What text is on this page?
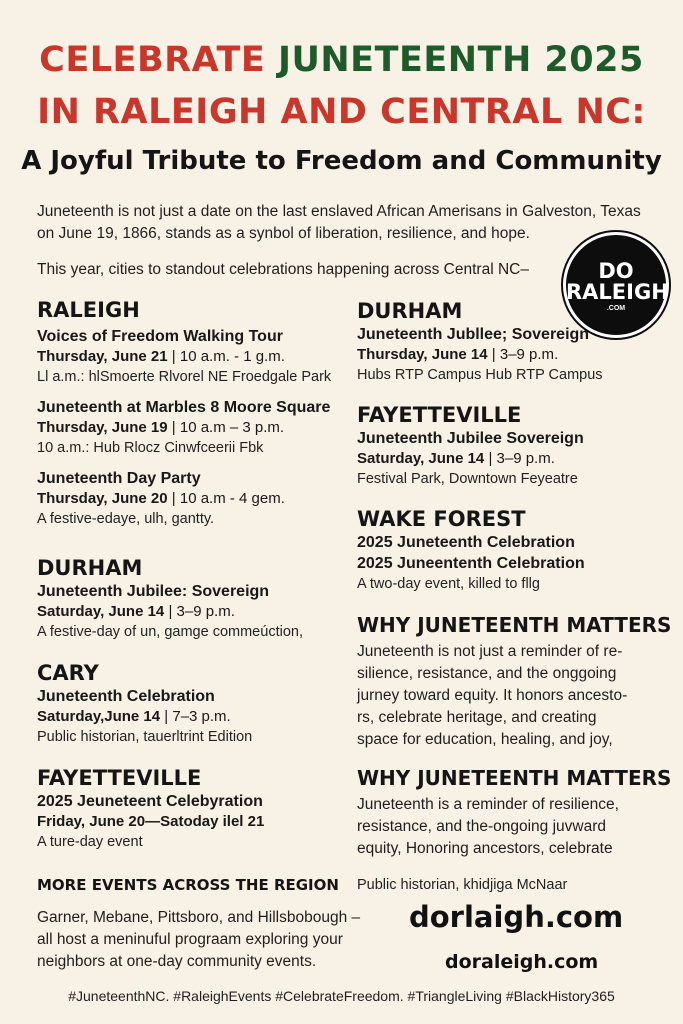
CELEBRATE JUNETEENTH 2025
IN RALEIGH AND CENTRAL NC:
A Joyful Tribute to Freedom and Community
Juneteenth is not just a date on the last enslaved African Amerisans in Galveston, Texas
on June 19, 1866, stands as a synbol of liberation, resilience, and hope.
This year, cities to standout celebrations happening across Central NC–	DO
RALEIGH
.COM
RALEIGH
Voices of Freedom Walking Tour
Thursday, June 21 | 10 a.m. - 1 g.m.
Ll a.m.: hlSmoerte Rlvorel NE Froedgale Park
Juneteenth at Marbles 8 Moore Square
Thursday, June 19 | 10 a.m – 3 p.m.
10 a.m.: Hub Rlocz Cinwfceerii Fbk
Juneteenth Day Party
Thursday, June 20 | 10 a.m - 4 gem.
A festive-edaye, ulh, gantty.
DURHAM
Juneteenth Jubilee: Sovereign
Saturday, June 14 | 3–9 p.m.
A festive-day of un, gamge commeúction,
CARY
Juneteenth Celebration
Saturday,June 14 | 7–3 p.m.
Public historian, tauerltrint Edition
FAYETTEVILLE
2025 Jeuneteent Celebyration
Friday, June 20—Satoday ilel 21
A ture-day event
MORE EVENTS ACROSS THE REGION
Garner, Mebane, Pittsboro, and Hillsbobough –
all host a meninuful prograam exploring your
neighbors at one-day community events.
DURHAM
Juneteenth Jubllee; Sovereign
Thursday, June 14 | 3–9 p.m.
Hubs RTP Campus Hub RTP Campus
FAYETTEVILLE
Juneteenth Jubilee Sovereign
Saturday, June 14 | 3–9 p.m.
Festival Park, Downtown Feyeatre
WAKE FOREST
2025 Juneteenth Celebration
2025 Juneententh Celebration
A two-day event, killed to fllg
WHY JUNETEENTH MATTERS
Juneteenth is not just a reminder of re-silience, resistance, and the onggoing jurney toward equity. It honors ancesto-rs, celebrate heritage, and creating space for education, healing, and joy,
WHY JUNETEENTH MATTERS
Juneteenth is a reminder of resilience, resistance, and the-ongoing juvward equity, Honoring ancestors, celebrate
Public historian, khidjiga McNaar
dorlaigh.com
doraleigh.com
#JuneteenthNC. #RaleighEvents #CelebrateFreedom. #TriangleLiving #BlackHistory365
